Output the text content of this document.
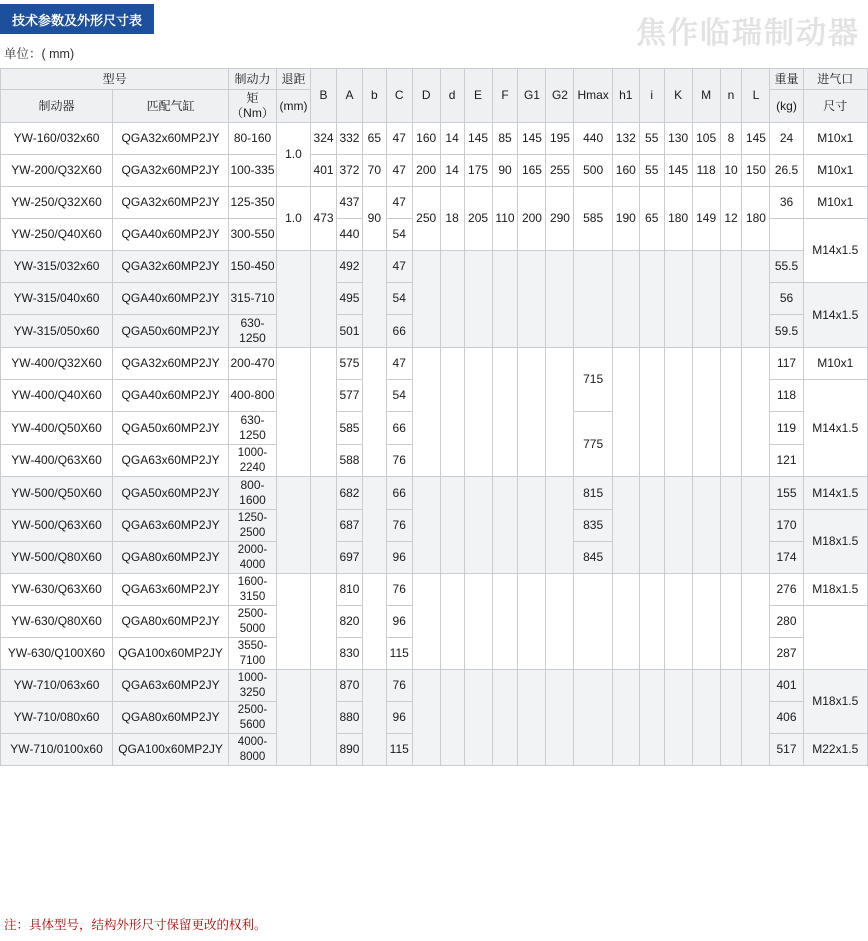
技术参数及外形尺寸表	焦作临瑞制动器
单位：( mm)
型号		制动力	退距	B	A	b	C	D	d	E	F	G1	G2	Hmax	h1	i	K	M	n	L	重量	进气口
制动器	匹配气缸	矩（Nm）	(mm)																		(kg)	尺寸
YW-160/032x60	QGA32x60MP2JY	80-160	1.0	324	332	65	47	160	14	145	85	145	195	440	132	55	130	105	8	145	24	M10x1
YW-200/Q32X60	QGA32x60MP2JY	100-335		401	372	70	47	200	14	175	90	165	255	500	160	55	145	118	10	150	26.5	M10x1
YW-250/Q32X60	QGA32x60MP2JY	125-350	1.0	473	437	90	47	250	18	205	110	200	290	585	190	65	180	149	12	180	36	M10x1
YW-250/Q40X60	QGA40x60MP2JY	300-550			440		54															M14x1.5
YW-315/032x60	QGA32x60MP2JY	150-450			492		47														55.5	
YW-315/040x60	QGA40x60MP2JY	315-710			495		54														56	M14x1.5
YW-315/050x60	QGA50x60MP2JY	630-1250			501		66														59.5	
YW-400/Q32X60	QGA32x60MP2JY	200-470			575		47							715							117	M10x1
YW-400/Q40X60	QGA40x60MP2JY	400-800			577		54														118	M14x1.5
YW-400/Q50X60	QGA50x60MP2JY	630-1250			585		66							775							119	
YW-400/Q63X60	QGA63x60MP2JY	1000-2240			588		76														121	
YW-500/Q50X60	QGA50x60MP2JY	800-1600			682		66							815							155	M14x1.5
YW-500/Q63X60	QGA63x60MP2JY	1250-2500			687		76							835							170	M18x1.5
YW-500/Q80X60	QGA80x60MP2JY	2000-4000			697		96							845							174	
YW-630/Q63X60	QGA63x60MP2JY	1600-3150			810		76														276	M18x1.5
YW-630/Q80X60	QGA80x60MP2JY	2500-5000			820		96														280	
YW-630/Q100X60	QGA100x60MP2JY	3550-7100			830		115														287	
YW-710/063x60	QGA63x60MP2JY	1000-3250			870		76														401	M18x1.5
YW-710/080x60	QGA80x60MP2JY	2500-5600			880		96														406	
YW-710/0100x60	QGA100x60MP2JY	4000-8000			890		115														517	M22x1.5
注：具体型号，结构外形尺寸保留更改的权利。
